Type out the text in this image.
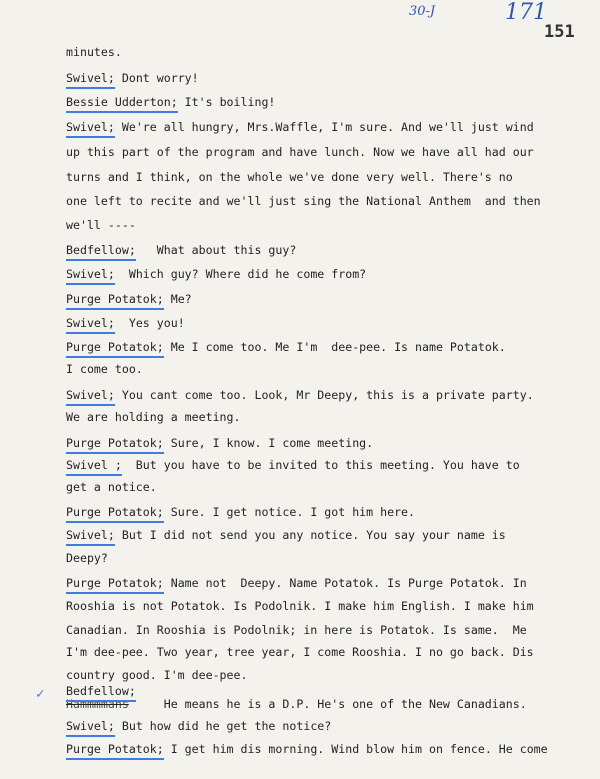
30-J	171
151
minutes.
Swivel; Dont worry!
Bessie Udderton; It's boiling!
Swivel; We're all hungry, Mrs.Waffle, I'm sure. And we'll just wind
up this part of the program and have lunch. Now we have all had our
turns and I think, on the whole we've done very well. There's no
one left to recite and we'll just sing the National Anthem  and then
we'll ----
Bedfellow;   What about this guy?
Swivel;  Which guy? Where did he come from?
Purge Potatok; Me?
Swivel;  Yes you!
Purge Potatok; Me I come too. Me I'm  dee-pee. Is name Potatok.
I come too.
Swivel; You cant come too. Look, Mr Deepy, this is a private party.
We are holding a meeting.
Purge Potatok; Sure, I know. I come meeting.
Swivel ;  But you have to be invited to this meeting. You have to
get a notice.
Purge Potatok; Sure. I get notice. I got him here.
Swivel; But I did not send you any notice. You say your name is
Deepy?
Purge Potatok; Name not  Deepy. Name Potatok. Is Purge Potatok. In
Rooshia is not Potatok. Is Podolnik. I make him English. I make him
Canadian. In Rooshia is Podolnik; in here is Potatok. Is same.  Me
I'm dee-pee. Two year, tree year, I come Rooshia. I no go back. Dis
country good. I'm dee-pee.
✓
Hammmmans
Bedfellow;
He means he is a D.P. He's one of the New Canadians.
Swivel; But how did he get the notice?
Purge Potatok; I get him dis morning. Wind blow him on fence. He come
